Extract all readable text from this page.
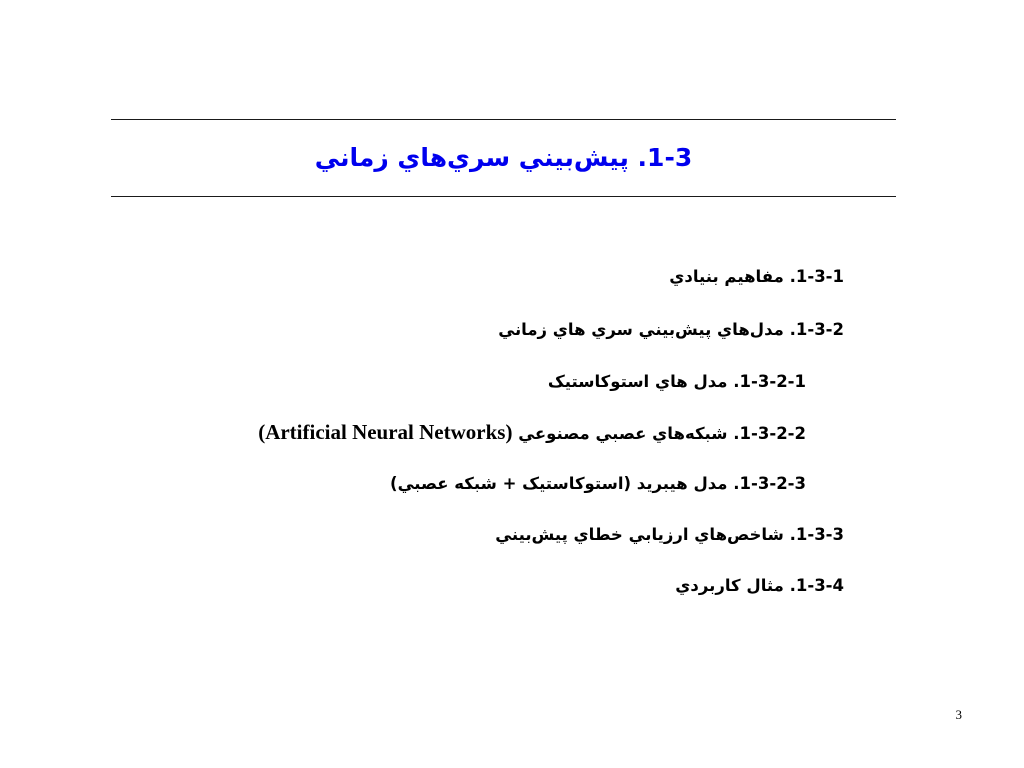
1-3. پيش‌بيني سري‌هاي زماني
1-3-1. مفاهيم بنيادي
1-3-2. مدل‌هاي پيش‌بيني سري هاي زماني
1-3-2-1. مدل هاي استوكاستيک
1-3-2-2. شبکه‌هاي عصبي مصنوعي (Artificial Neural Networks)
1-3-2-3. مدل هيبريد (استوكاستيک + شبکه عصبي)
1-3-3. شاخص‌هاي ارزيابي خطاي پيش‌بيني
1-3-4. مثال كاربردي
3
